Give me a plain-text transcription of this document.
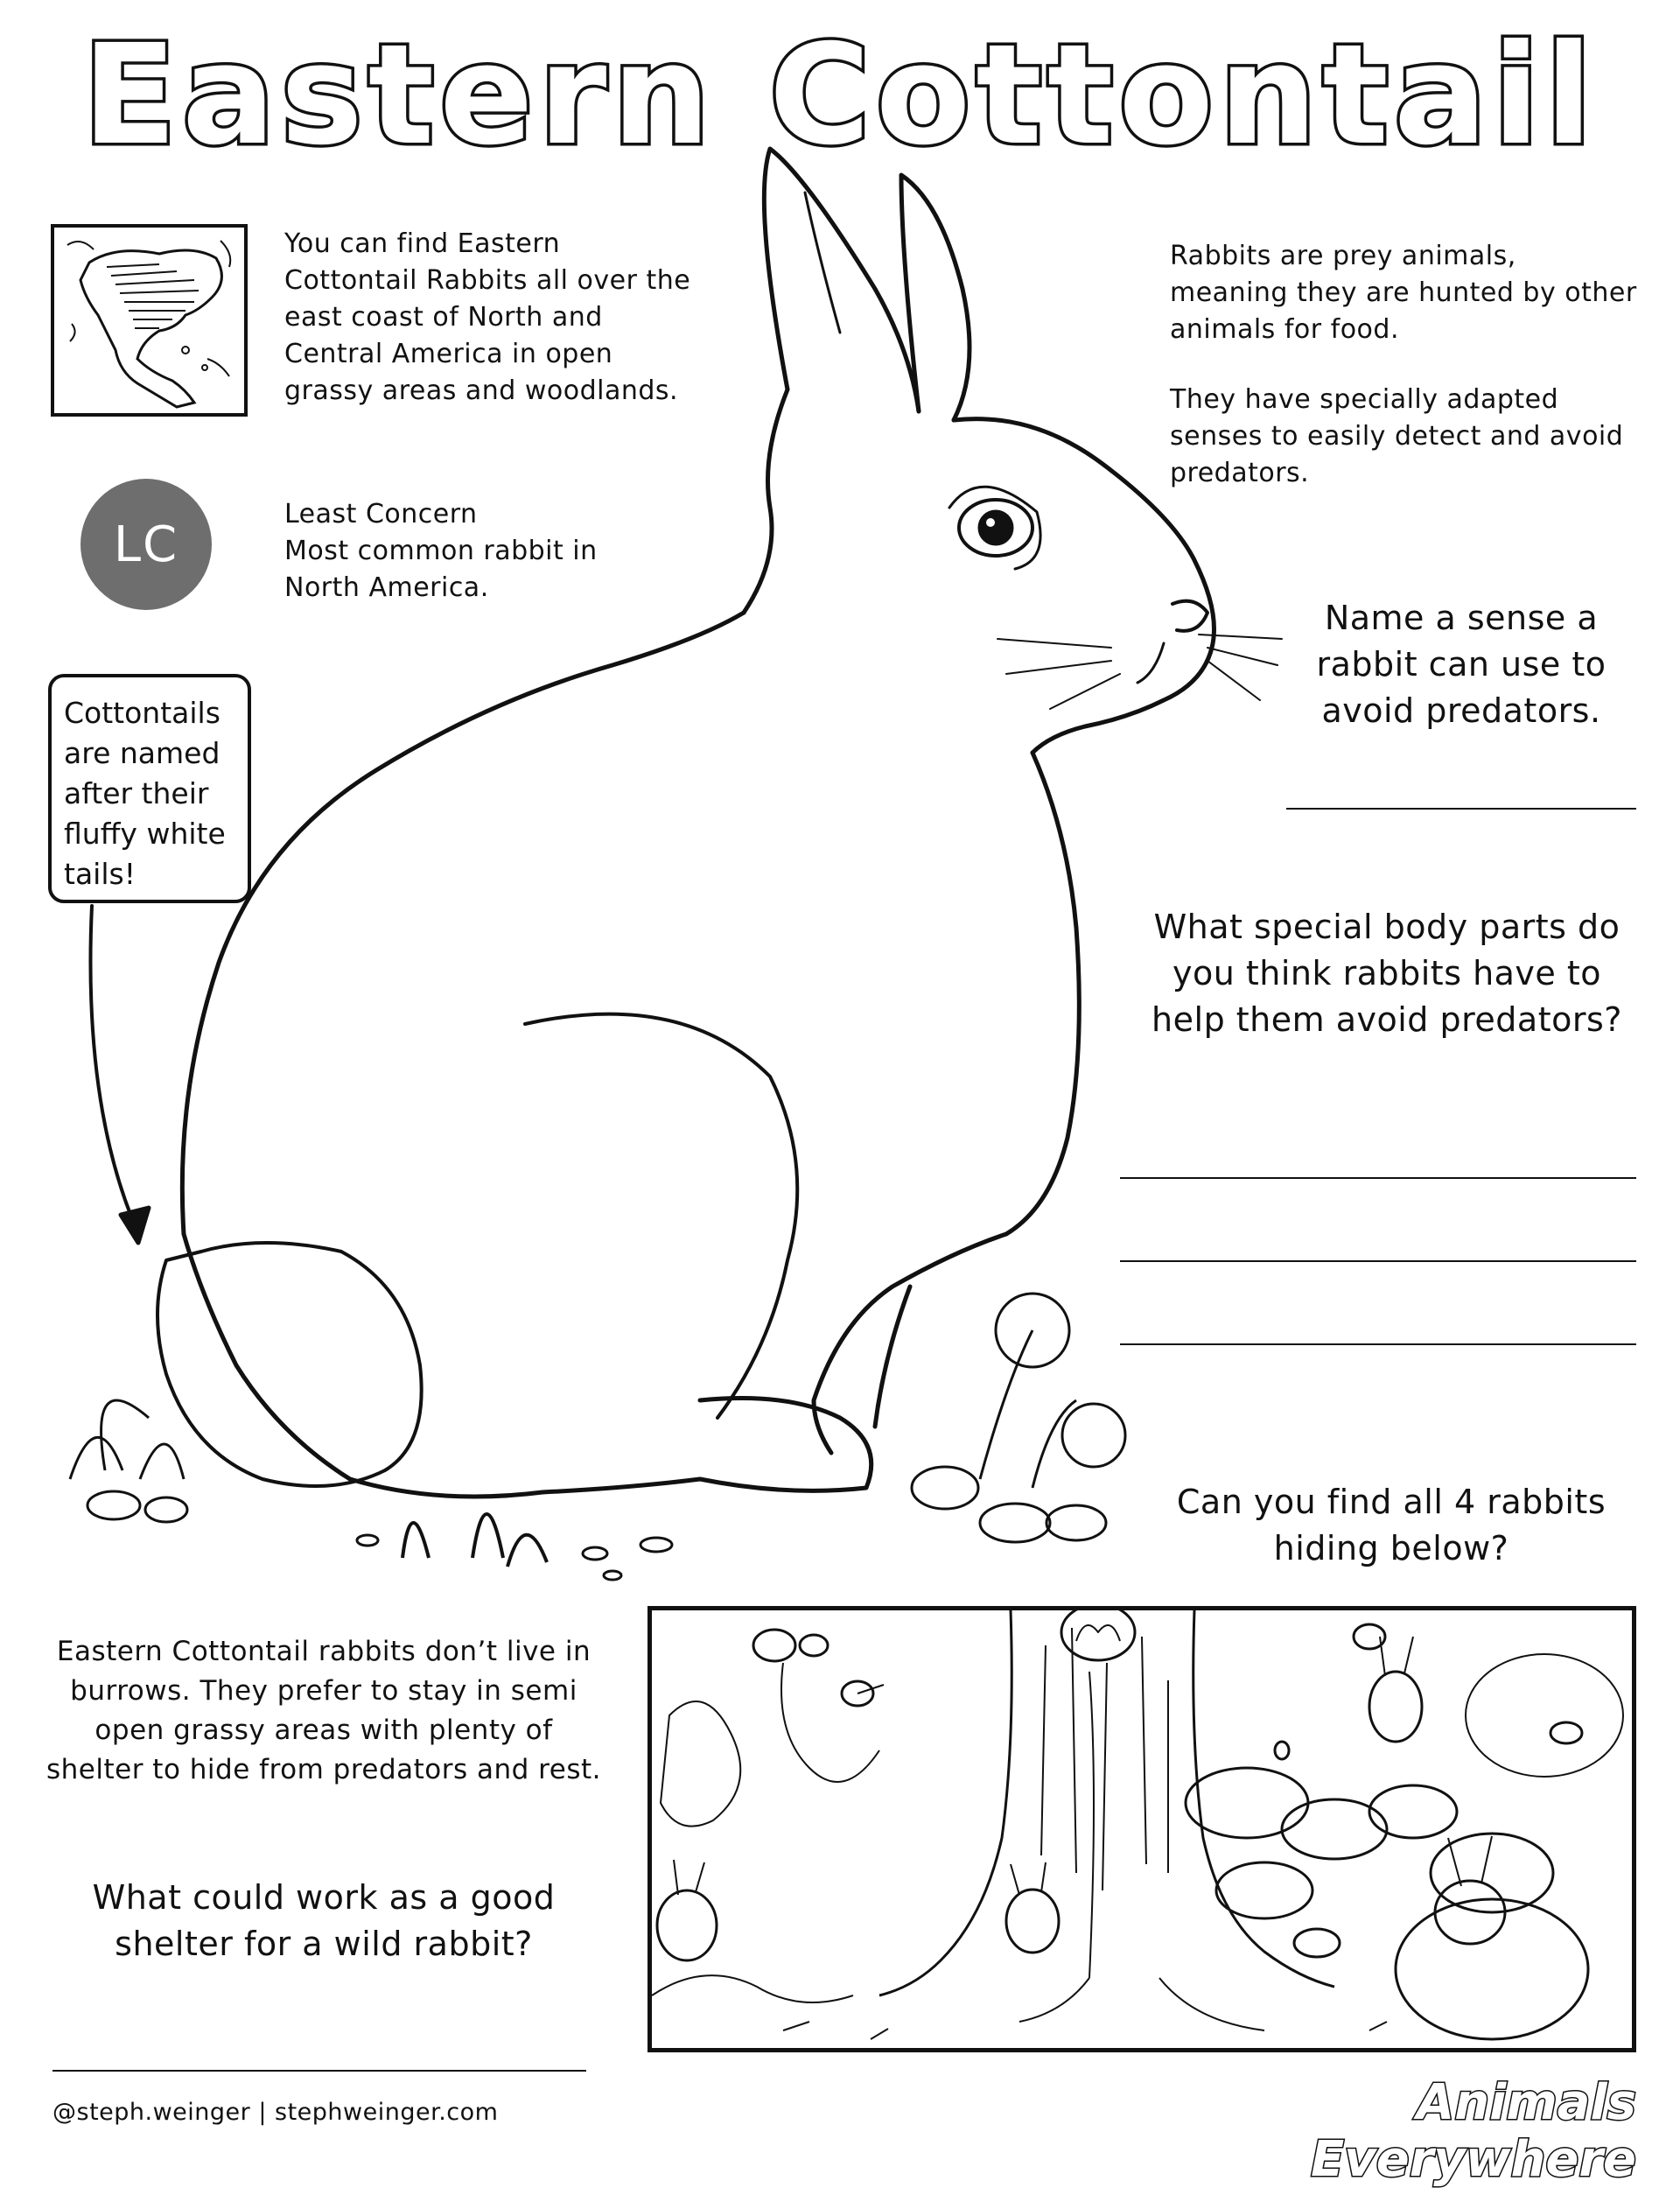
Eastern Cottontail
You can find Eastern Cottontail Rabbits all over the east coast of North and Central America in open grassy areas and woodlands.
LC
Least Concern
Most common rabbit in North America.
Cottontails are named after their fluffy white tails!
Rabbits are prey animals, meaning they are hunted by other animals for food.
They have specially adapted senses to easily detect and avoid predators.
Name a sense a rabbit can use to avoid predators.
What special body parts do you think rabbits have to help them avoid predators?
Can you find all 4 rabbits hiding below?
Eastern Cottontail rabbits don’t live in burrows. They prefer to stay in semi open grassy areas with plenty of shelter to hide from predators and rest.
What could work as a good shelter for a wild rabbit?
@steph.weinger | stephweinger.com	Animals Everywhere
